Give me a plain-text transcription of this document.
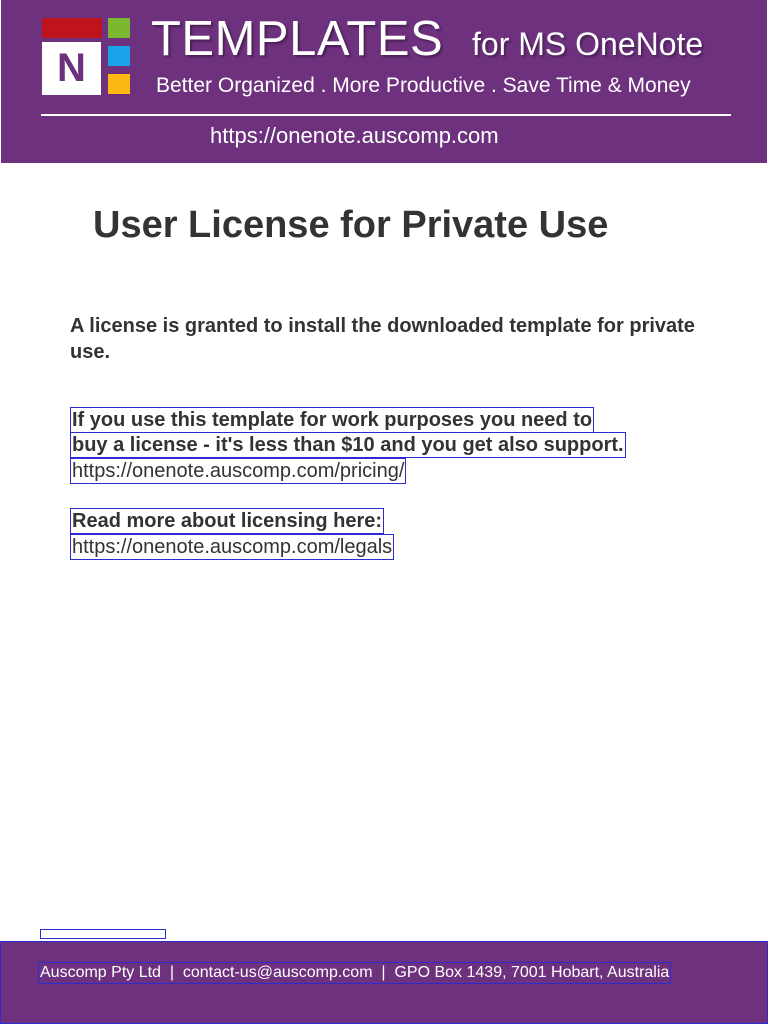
N
TEMPLATES for MS OneNote
Better Organized . More Productive . Save Time & Money
https://onenote.auscomp.com
User License for Private Use
A license is granted to install the downloaded template for private use.
If you use this template for work purposes you need to
buy a license - it's less than $10 and you get also support.
https://onenote.auscomp.com/pricing/
Read more about licensing here:
https://onenote.auscomp.com/legals
Auscomp Pty Ltd  |  contact-us@auscomp.com  |  GPO Box 1439, 7001 Hobart, Australia
